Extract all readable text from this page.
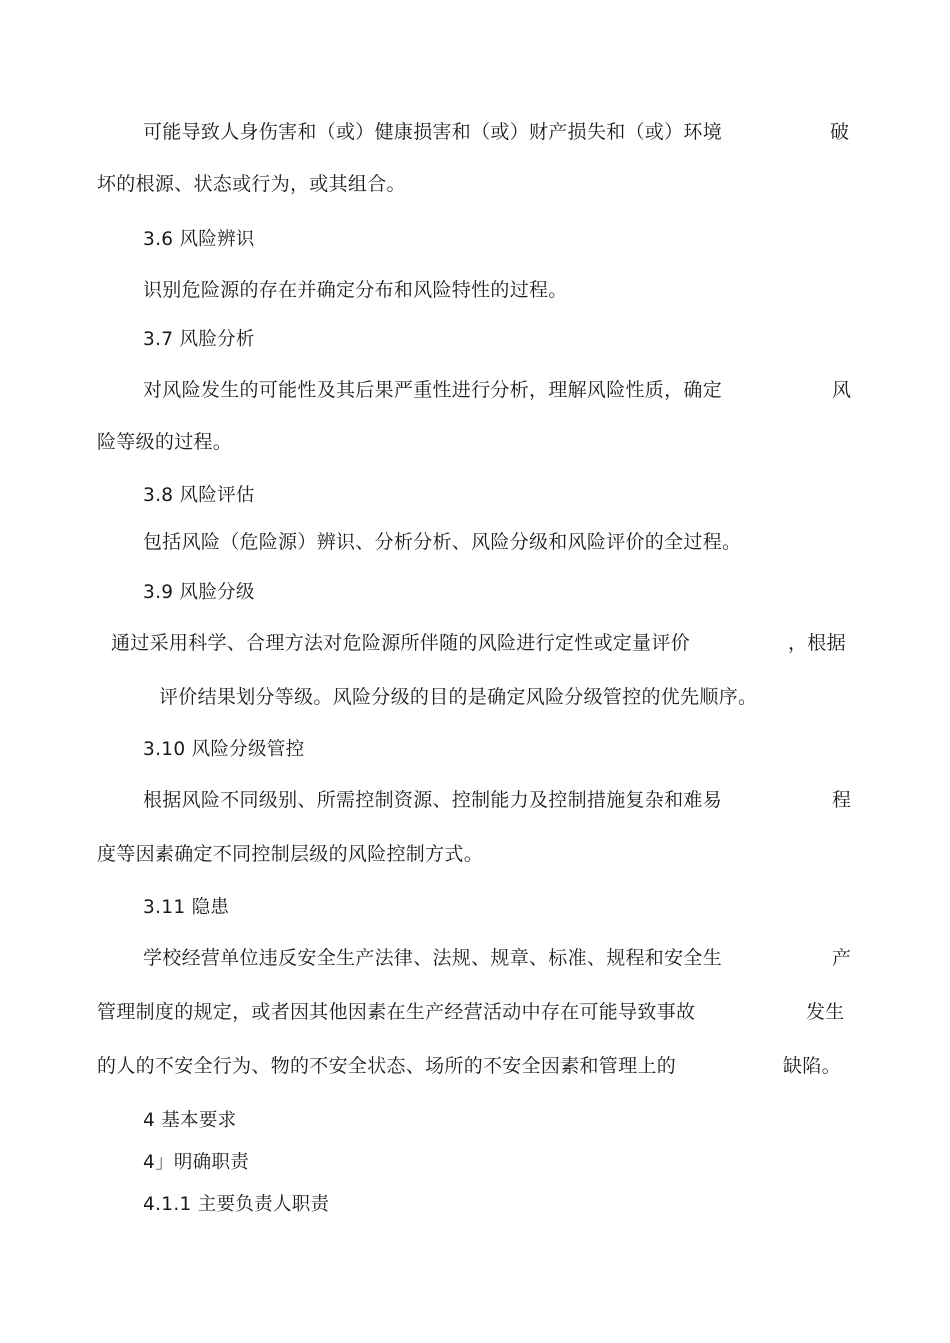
可能导致人身伤害和（或）健康损害和（或）财产损失和（或）环境	破
坏的根源、状态或行为，或其组合。
3.6 风险辨识
识别危险源的存在并确定分布和风险特性的过程。
3.7 风脸分析
对风险发生的可能性及其后果严重性进行分析，理解风险性质，确定	风
险等级的过程。
3.8 风险评估
包括风险（危险源）辨识、分析分析、风险分级和风险评价的全过程。
3.9 风脸分级
通过采用科学、合理方法对危险源所伴随的风险进行定性或定量评价	，根据
评价结果划分等级。风险分级的目的是确定风险分级管控的优先顺序。
3.10 风险分级管控
根据风险不同级别、所需控制资源、控制能力及控制措施复杂和难易	程
度等因素确定不同控制层级的风险控制方式。
3.11 隐患
学校经营单位违反安全生产法律、法规、规章、标准、规程和安全生	产
管理制度的规定，或者因其他因素在生产经营活动中存在可能导致事故	发生
的人的不安全行为、物的不安全状态、场所的不安全因素和管理上的	缺陷。
4 基本要求
4」明确职责
4.1.1 主要负责人职责
